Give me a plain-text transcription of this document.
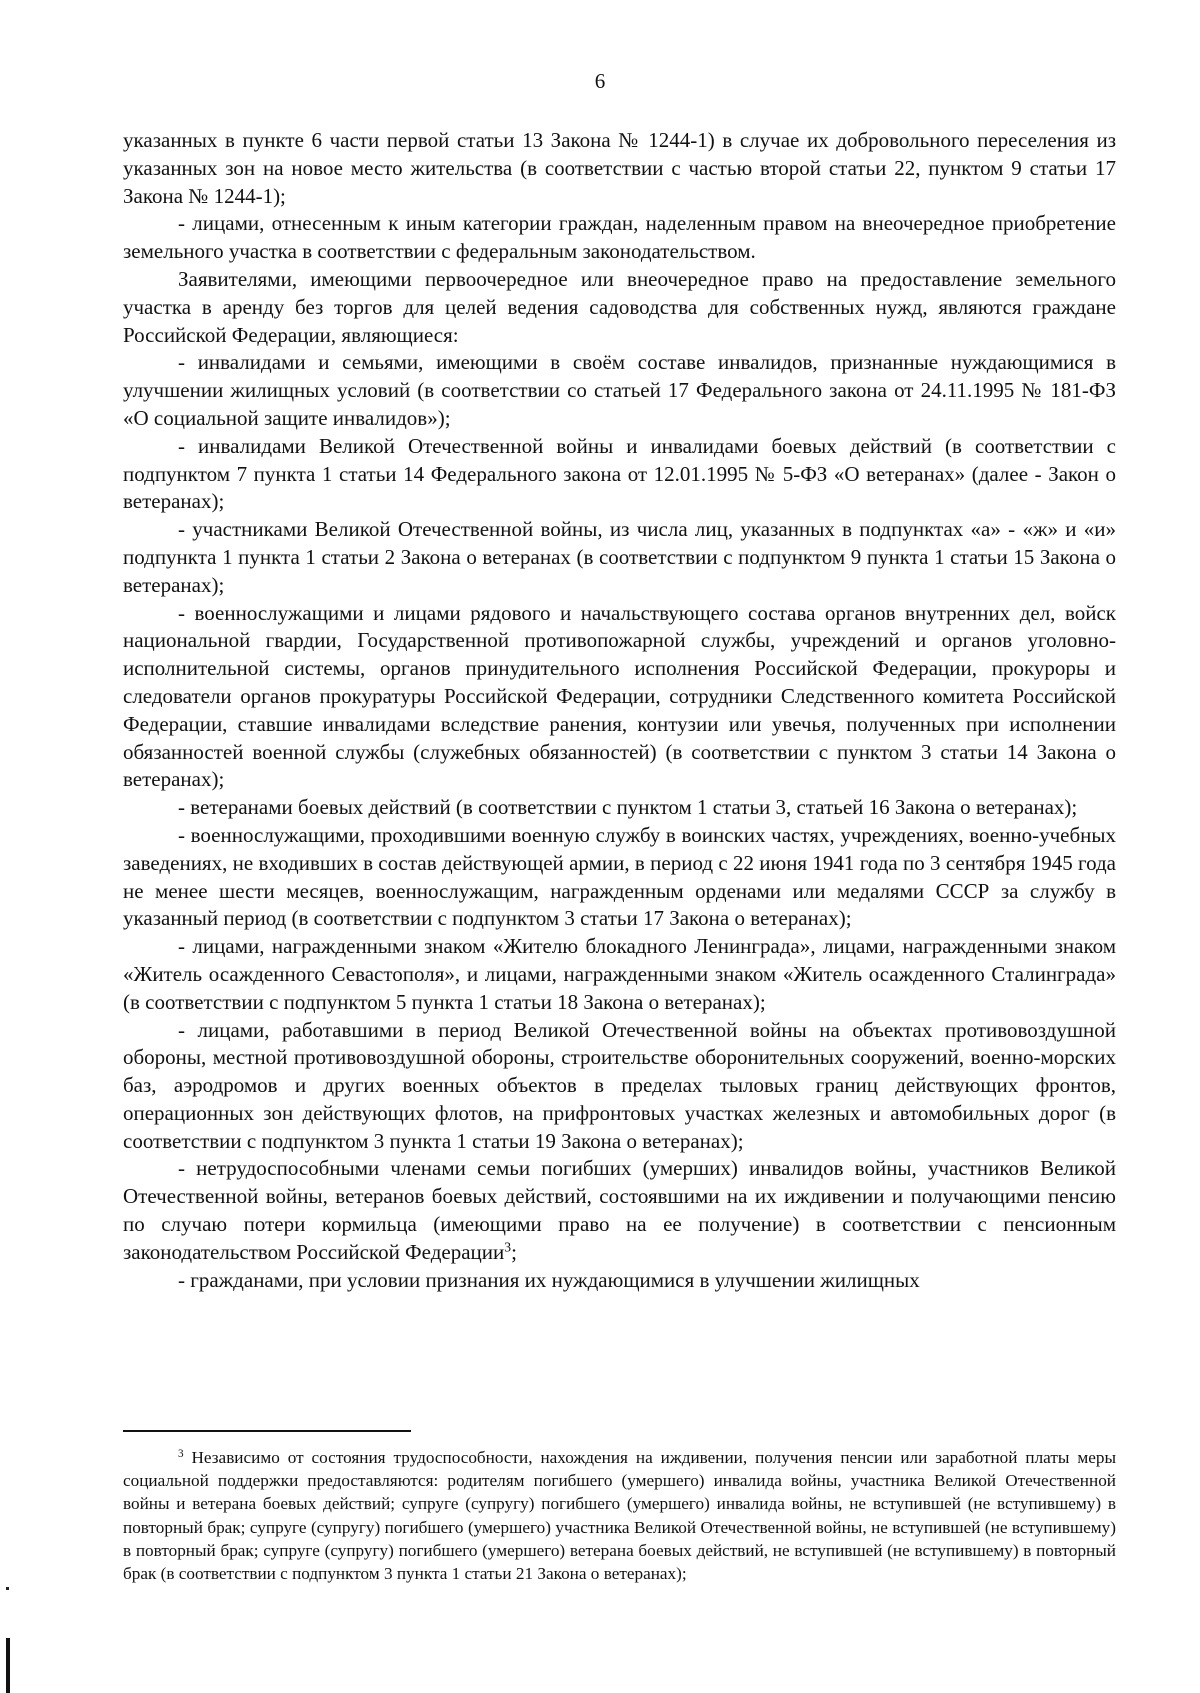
6

указанных в пункте 6 части первой статьи 13 Закона № 1244-1) в случае их добровольного переселения из указанных зон на новое место жительства (в соответствии с частью второй статьи 22, пунктом 9 статьи 17 Закона № 1244-1);

- лицами, отнесенным к иным категории граждан, наделенным правом на внеочередное приобретение земельного участка в соответствии с федеральным законодательством.

Заявителями, имеющими первоочередное или внеочередное право на предоставление земельного участка в аренду без торгов для целей ведения садоводства для собственных нужд, являются граждане Российской Федерации, являющиеся:

- инвалидами и семьями, имеющими в своём составе инвалидов, признанные нуждающимися в улучшении жилищных условий (в соответствии со статьей 17 Федерального закона от 24.11.1995 № 181-ФЗ «О социальной защите инвалидов»);

- инвалидами Великой Отечественной войны и инвалидами боевых действий (в соответствии с подпунктом 7 пункта 1 статьи 14 Федерального закона от 12.01.1995 № 5-ФЗ «О ветеранах» (далее - Закон о ветеранах);

- участниками Великой Отечественной войны, из числа лиц, указанных в подпунктах «а» - «ж» и «и» подпункта 1 пункта 1 статьи 2 Закона о ветеранах (в соответствии с подпунктом 9 пункта 1 статьи 15 Закона о ветеранах);

- военнослужащими и лицами рядового и начальствующего состава органов внутренних дел, войск национальной гвардии, Государственной противопожарной службы, учреждений и органов уголовно-исполнительной системы, органов принудительного исполнения Российской Федерации, прокуроры и следователи органов прокуратуры Российской Федерации, сотрудники Следственного комитета Российской Федерации, ставшие инвалидами вследствие ранения, контузии или увечья, полученных при исполнении обязанностей военной службы (служебных обязанностей) (в соответствии с пунктом 3 статьи 14 Закона о ветеранах);

- ветеранами боевых действий (в соответствии с пунктом 1 статьи 3, статьей 16 Закона о ветеранах);

- военнослужащими, проходившими военную службу в воинских частях, учреждениях, военно-учебных заведениях, не входивших в состав действующей армии, в период с 22 июня 1941 года по 3 сентября 1945 года не менее шести месяцев, военнослужащим, награжденным орденами или медалями СССР за службу в указанный период (в соответствии с подпунктом 3 статьи 17 Закона о ветеранах);

- лицами, награжденными знаком «Жителю блокадного Ленинграда», лицами, награжденными знаком «Житель осажденного Севастополя», и лицами, награжденными знаком «Житель осажденного Сталинграда» (в соответствии с подпунктом 5 пункта 1 статьи 18 Закона о ветеранах);

- лицами, работавшими в период Великой Отечественной войны на объектах противовоздушной обороны, местной противовоздушной обороны, строительстве оборонительных сооружений, военно-морских баз, аэродромов и других военных объектов в пределах тыловых границ действующих фронтов, операционных зон действующих флотов, на прифронтовых участках железных и автомобильных дорог (в соответствии с подпунктом 3 пункта 1 статьи 19 Закона о ветеранах);

- нетрудоспособными членами семьи погибших (умерших) инвалидов войны, участников Великой Отечественной войны, ветеранов боевых действий, состоявшими на их иждивении и получающими пенсию по случаю потери кормильца (имеющими право на ее получение) в соответствии с пенсионным законодательством Российской Федерации$^3$;

- гражданами, при условии признания их нуждающимися в улучшении жилищных

$^3$ Независимо от состояния трудоспособности, нахождения на иждивении, получения пенсии или заработной платы меры социальной поддержки предоставляются: родителям погибшего (умершего) инвалида войны, участника Великой Отечественной войны и ветерана боевых действий; супруге (супругу) погибшего (умершего) инвалида войны, не вступившей (не вступившему) в повторный брак; супруге (супругу) погибшего (умершего) участника Великой Отечественной войны, не вступившей (не вступившему) в повторный брак; супруге (супругу) погибшего (умершего) ветерана боевых действий, не вступившей (не вступившему) в повторный брак (в соответствии с подпунктом 3 пункта 1 статьи 21 Закона о ветеранах);
